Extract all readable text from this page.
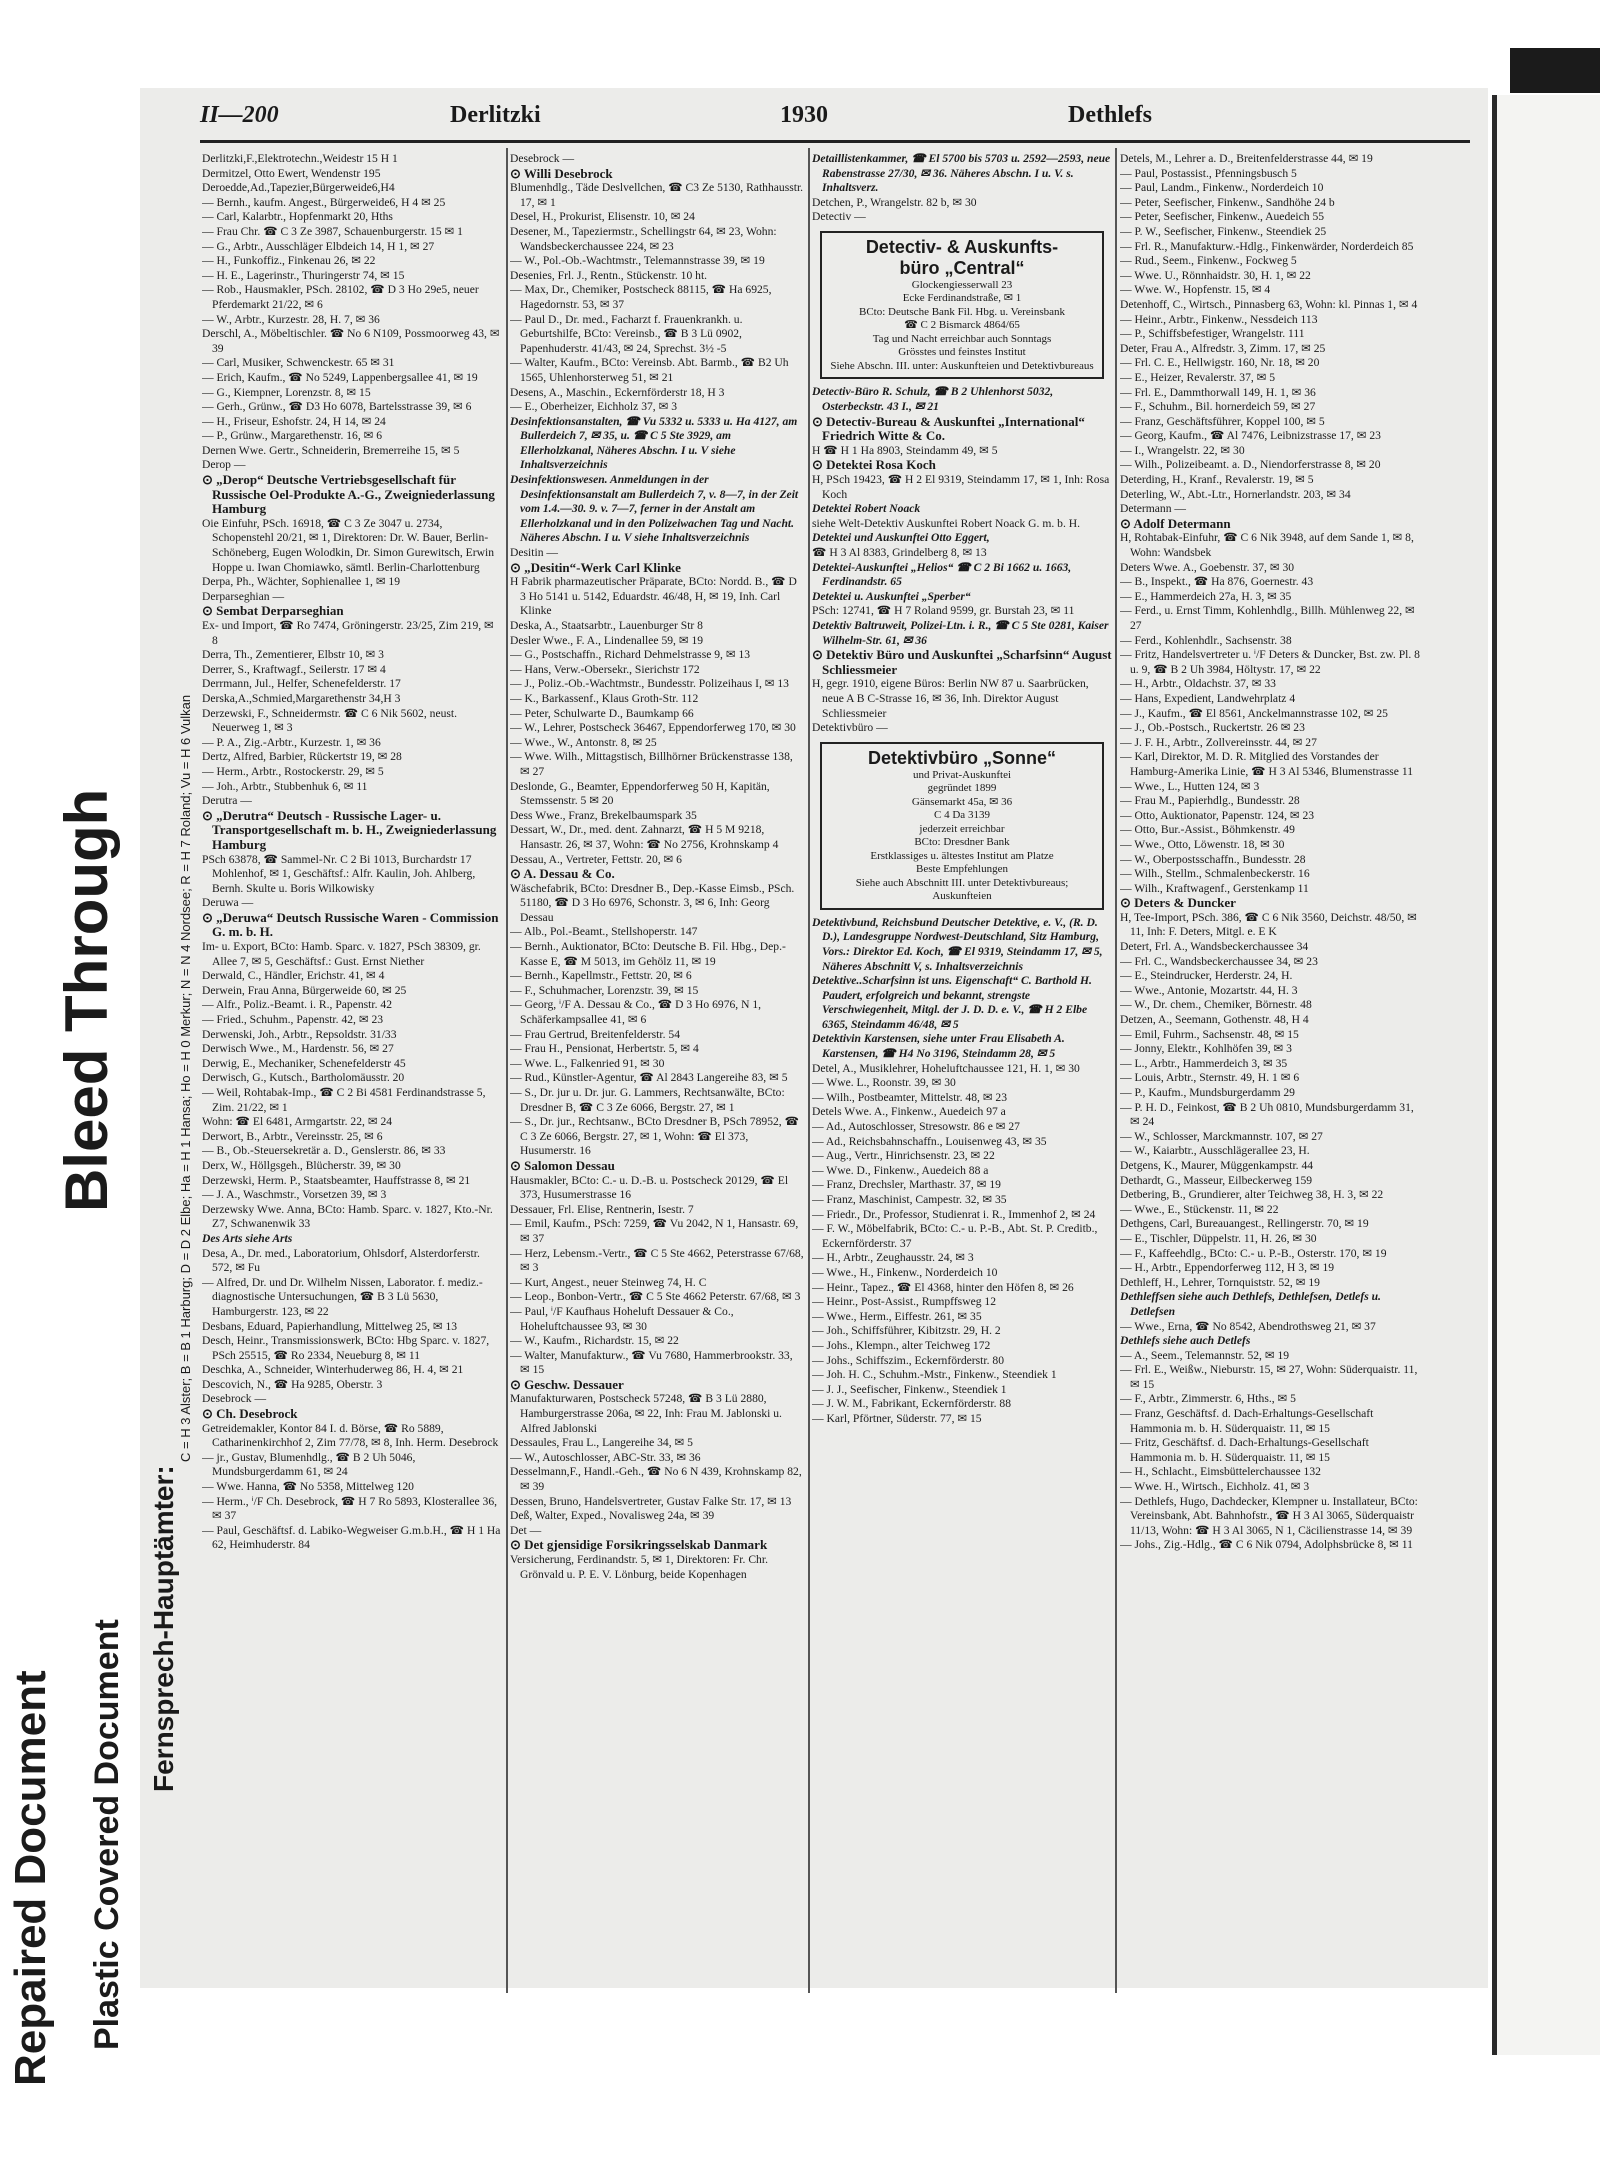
Repaired Document Plastic Covered Document
Bleed Through
Fernsprech-Hauptämter:
C = H 3 Alster; B = B 1 Harburg; D = D 2 Elbe; Ha = H 1 Hansa; Ho = H 0 Merkur; N = N 4 Nordsee; R = H 7 Roland; Vu = H 6 Vulkan
II—200	Derlitzki	1930	Dethlefs

Derlitzki,F.,Elektrotechn.,Weidestr 15 H 1

Dermitzel, Otto Ewert, Wendenstr 195

Deroedde,Ad.,Tapezier,Bürgerweide6,H4

— Bernh., kaufm. Angest., Bürgerweide6, H 4 ✉ 25

— Carl, Kalarbtr., Hopfenmarkt 20, Hths

— Frau Chr. ☎ C 3 Ze 3987, Schauenburgerstr. 15 ✉ 1

— G., Arbtr., Ausschläger Elbdeich 14, H 1, ✉ 27

— H., Funkoffiz., Finkenau 26, ✉ 22

— H. E., Lagerinstr., Thuringerstr 74, ✉ 15

— Rob., Hausmakler, PSch. 28102, ☎ D 3 Ho 29e5, neuer Pferdemarkt 21/22, ✉ 6

— W., Arbtr., Kurzestr. 28, H. 7, ✉ 36

Derschl, A., Möbeltischler. ☎ No 6 N109, Possmoorweg 43, ✉ 39

— Carl, Musiker, Schwenckestr. 65 ✉ 31

— Erich, Kaufm., ☎ No 5249, Lappenbergsallee 41, ✉ 19

— G., Kiempner, Lorenzstr. 8, ✉ 15

— Gerh., Grünw., ☎ D3 Ho 6078, Bartelsstrasse 39, ✉ 6

— H., Friseur, Eshofstr. 24, H 14, ✉ 24

— P., Grünw., Margarethenstr. 16, ✉ 6

Dernen Wwe. Gertr., Schneiderin, Bremerreihe 15, ✉ 5

Derop —

⊙ „Derop“ Deutsche Vertriebsgesellschaft für Russische Oel-Produkte A.-G., Zweigniederlassung Hamburg

Oie Einfuhr, PSch. 16918, ☎ C 3 Ze 3047 u. 2734, Schopenstehl 20/21, ✉ 1, Direktoren: Dr. W. Bauer, Berlin-Schöneberg, Eugen Wolodkin, Dr. Simon Gurewitsch, Erwin Hoppe u. Iwan Chomiawko, sämtl. Berlin-Charlottenburg

Derpa, Ph., Wächter, Sophienallee 1, ✉ 19

Derparseghian —

⊙ Sembat Derparseghian

Ex- und Import, ☎ Ro 7474, Gröningerstr. 23/25, Zim 219, ✉ 8

Derra, Th., Zementierer, Elbstr 10, ✉ 3

Derrer, S., Kraftwagf., Seilerstr. 17 ✉ 4

Derrmann, Jul., Helfer, Schenefelderstr. 17

Derska,A.,Schmied,Margarethenstr 34,H 3

Derzewski, F., Schneidermstr. ☎ C 6 Nik 5602, neust. Neuerweg 1, ✉ 3

— P. A., Zig.-Arbtr., Kurzestr. 1, ✉ 36

Dertz, Alfred, Barbier, Rückertstr 19, ✉ 28

— Herm., Arbtr., Rostockerstr. 29, ✉ 5

— Joh., Arbtr., Stubbenhuk 6, ✉ 11

Derutra —

⊙ „Derutra“ Deutsch - Russische Lager- u. Transportgesellschaft m. b. H., Zweigniederlassung Hamburg

PSch 63878, ☎ Sammel-Nr. C 2 Bi 1013, Burchardstr 17 Mohlenhof, ✉ 1, Geschäftsf.: Alfr. Kaulin, Joh. Ahlberg, Bernh. Skulte u. Boris Wilkowisky

Deruwa —

⊙ „Deruwa“ Deutsch Russische Waren - Commission G. m. b. H.

Im- u. Export, BCto: Hamb. Sparc. v. 1827, PSch 38309, gr. Allee 7, ✉ 5, Geschäftsf.: Gust. Ernst Niether

Derwald, C., Händler, Erichstr. 41, ✉ 4

Derwein, Frau Anna, Bürgerweide 60, ✉ 25

— Alfr., Poliz.-Beamt. i. R., Papenstr. 42

— Fried., Schuhm., Papenstr. 42, ✉ 23

Derwenski, Joh., Arbtr., Repsoldstr. 31/33

Derwisch Wwe., M., Hardenstr. 56, ✉ 27

Derwig, E., Mechaniker, Schenefelderstr 45

Derwisch, G., Kutsch., Bartholomäusstr. 20

— Weil, Rohtabak-Imp., ☎ C 2 Bi 4581 Ferdinandstrasse 5, Zim. 21/22, ✉ 1

Wohn: ☎ El 6481, Armgartstr. 22, ✉ 24

Derwort, B., Arbtr., Vereinsstr. 25, ✉ 6

— B., Ob.-Steuersekretär a. D., Genslerstr. 86, ✉ 33

Derx, W., Höllgsgeh., Blücherstr. 39, ✉ 30

Derzewski, Herm. P., Staatsbeamter, Hauffstrasse 8, ✉ 21

— J. A., Waschmstr., Vorsetzen 39, ✉ 3

Derzewsky Wwe. Anna, BCto: Hamb. Sparc. v. 1827, Kto.-Nr. Z7, Schwanenwik 33

Des Arts siehe Arts

Desa, A., Dr. med., Laboratorium, Ohlsdorf, Alsterdorferstr. 572, ✉ Fu

— Alfred, Dr. und Dr. Wilhelm Nissen, Laborator. f. mediz.-diagnostische Untersuchungen, ☎ B 3 Lü 5630, Hamburgerstr. 123, ✉ 22

Desbans, Eduard, Papierhandlung, Mittelweg 25, ✉ 13

Desch, Heinr., Transmissionswerk, BCto: Hbg Sparc. v. 1827, PSch 25515, ☎ Ro 2334, Neueburg 8, ✉ 11

Deschka, A., Schneider, Winterhuderweg 86, H. 4, ✉ 21

Descovich, N., ☎ Ha 9285, Oberstr. 3

Desebrock —

⊙ Ch. Desebrock

Getreidemakler, Kontor 84 I. d. Börse, ☎ Ro 5889, Catharinenkirchhof 2, Zim 77/78, ✉ 8, Inh. Herm. Desebrock

— jr., Gustav, Blumenhdlg., ☎ B 2 Uh 5046, Mundsburgerdamm 61, ✉ 24

— Wwe. Hanna, ☎ No 5358, Mittelweg 120

— Herm., ⁱ/F Ch. Desebrock, ☎ H 7 Ro 5893, Klosterallee 36, ✉ 37

— Paul, Geschäftsf. d. Labiko-Wegweiser G.m.b.H., ☎ H 1 Ha 62, Heimhuderstr. 84

Desebrock —

⊙ Willi Desebrock

Blumenhdlg., Täde Deslvellchen, ☎ C3 Ze 5130, Rathhausstr. 17, ✉ 1

Desel, H., Prokurist, Elisenstr. 10, ✉ 24

Desener, M., Tapeziermstr., Schellingstr 64, ✉ 23, Wohn: Wandsbeckerchaussee 224, ✉ 23

— W., Pol.-Ob.-Wachtmstr., Telemannstrasse 39, ✉ 19

Desenies, Frl. J., Rentn., Stückenstr. 10 ht.

— Max, Dr., Chemiker, Postscheck 88115, ☎ Ha 6925, Hagedornstr. 53, ✉ 37

— Paul D., Dr. med., Facharzt f. Frauenkrankh. u. Geburtshilfe, BCto: Vereinsb., ☎ B 3 Lü 0902, Papenhuderstr. 41/43, ✉ 24, Sprechst. 3½ -5

— Walter, Kaufm., BCto: Vereinsb. Abt. Barmb., ☎ B2 Uh 1565, Uhlenhorsterweg 51, ✉ 21

Desens, A., Maschin., Eckernförderstr 18, H 3

— E., Oberheizer, Eichholz 37, ✉ 3

Desinfektionsanstalten, ☎ Vu 5332 u. 5333 u. Ha 4127, am Bullerdeich 7, ✉ 35, u. ☎ C 5 Ste 3929, am Ellerholzkanal, Näheres Abschn. I u. V siehe Inhaltsverzeichnis

Desinfektionswesen. Anmeldungen in der Desinfektionsanstalt am Bullerdeich 7, v. 8—7, in der Zeit vom 1.4.—30. 9. v. 7—7, ferner in der Anstalt am Ellerholzkanal und in den Polizeiwachen Tag und Nacht. Näheres Abschn. I u. V siehe Inhaltsverzeichnis

Desitin —

⊙ „Desitin“-Werk Carl Klinke

H Fabrik pharmazeutischer Präparate, BCto: Nordd. B., ☎ D 3 Ho 5141 u. 5142, Eduardstr. 46/48, H, ✉ 19, Inh. Carl Klinke

Deska, A., Staatsarbtr., Lauenburger Str 8

Desler Wwe., F. A., Lindenallee 59, ✉ 19

— G., Postschaffn., Richard Dehmelstrasse 9, ✉ 13

— Hans, Verw.-Obersekr., Sierichstr 172

— J., Poliz.-Ob.-Wachtmstr., Bundesstr. Polizeihaus I, ✉ 13

— K., Barkassenf., Klaus Groth-Str. 112

— Peter, Schulwarte D., Baumkamp 66

— W., Lehrer, Postscheck 36467, Eppendorferweg 170, ✉ 30

— Wwe., W., Antonstr. 8, ✉ 25

— Wwe. Wilh., Mittagstisch, Billhörner Brückenstrasse 138, ✉ 27

Deslonde, G., Beamter, Eppendorferweg 50 H, Kapitän, Stemssenstr. 5 ✉ 20

Dess Wwe., Franz, Brekelbaumspark 35

Dessart, W., Dr., med. dent. Zahnarzt, ☎ H 5 M 9218, Hansastr. 26, ✉ 37, Wohn: ☎ No 2756, Krohnskamp 4

Dessau, A., Vertreter, Fettstr. 20, ✉ 6

⊙ A. Dessau & Co.

Wäschefabrik, BCto: Dresdner B., Dep.-Kasse Eimsb., PSch. 51180, ☎ D 3 Ho 6976, Schonstr. 3, ✉ 6, Inh: Georg Dessau

— Alb., Pol.-Beamt., Stellshoperstr. 147

— Bernh., Auktionator, BCto: Deutsche B. Fil. Hbg., Dep.-Kasse E, ☎ M 5013, im Gehölz 11, ✉ 19

— Bernh., Kapellmstr., Fettstr. 20, ✉ 6

— F., Schuhmacher, Lorenzstr. 39, ✉ 15

— Georg, ⁱ/F A. Dessau & Co., ☎ D 3 Ho 6976, N 1, Schäferkampsallee 41, ✉ 6

— Frau Gertrud, Breitenfelderstr. 54

— Frau H., Pensionat, Herbertstr. 5, ✉ 4

— Wwe. L., Falkenried 91, ✉ 30

— Rud., Künstler-Agentur, ☎ Al 2843 Langereihe 83, ✉ 5

— S., Dr. jur u. Dr. jur. G. Lammers, Rechtsanwälte, BCto: Dresdner B, ☎ C 3 Ze 6066, Bergstr. 27, ✉ 1

— S., Dr. jur., Rechtsanw., BCto Dresdner B, PSch 78952, ☎ C 3 Ze 6066, Bergstr. 27, ✉ 1, Wohn: ☎ El 373, Husumerstr. 16

⊙ Salomon Dessau

Hausmakler, BCto: C.- u. D.-B. u. Postscheck 20129, ☎ El 373, Husumerstrasse 16

Dessauer, Frl. Elise, Rentnerin, Isestr. 7

— Emil, Kaufm., PSch: 7259, ☎ Vu 2042, N 1, Hansastr. 69, ✉ 37

— Herz, Lebensm.-Vertr., ☎ C 5 Ste 4662, Peterstrasse 67/68, ✉ 3

— Kurt, Angest., neuer Steinweg 74, H. C

— Leop., Bonbon-Vertr., ☎ C 5 Ste 4662 Peterstr. 67/68, ✉ 3

— Paul, ⁱ/F Kaufhaus Hoheluft Dessauer & Co., Hoheluftchaussee 93, ✉ 30

— W., Kaufm., Richardstr. 15, ✉ 22

— Walter, Manufakturw., ☎ Vu 7680, Hammerbrookstr. 33, ✉ 15

⊙ Geschw. Dessauer

Manufakturwaren, Postscheck 57248, ☎ B 3 Lü 2880, Hamburgerstrasse 206a, ✉ 22, Inh: Frau M. Jablonski u. Alfred Jablonski

Dessaules, Frau L., Langereihe 34, ✉ 5

— W., Autoschlosser, ABC-Str. 33, ✉ 36

Desselmann,F., Handl.-Geh., ☎ No 6 N 439, Krohnskamp 82, ✉ 39

Dessen, Bruno, Handelsvertreter, Gustav Falke Str. 17, ✉ 13

Deß, Walter, Exped., Novalisweg 24a, ✉ 39

Det —

⊙ Det gjensidige Forsikringsselskab Danmark

Versicherung, Ferdinandstr. 5, ✉ 1, Direktoren: Fr. Chr. Grönvald u. P. E. V. Lönburg, beide Kopenhagen

Detaillistenkammer, ☎ El 5700 bis 5703 u. 2592—2593, neue Rabenstrasse 27/30, ✉ 36. Näheres Abschn. I u. V. s. Inhaltsverz.

Detchen, P., Wrangelstr. 82 b, ✉ 30

Detectiv —

Detectiv- & Auskunfts-
büro „Central“
Glockengiesserwall 23
Ecke Ferdinandstraße, ✉ 1
BCto: Deutsche Bank Fil. Hbg. u. Vereinsbank
☎ C 2 Bismarck 4864/65
Tag und Nacht erreichbar auch Sonntags
Grösstes und feinstes Institut
Siehe Abschn. III. unter: Auskunfteien und Detektivbureaus

Detectiv-Büro R. Schulz, ☎ B 2 Uhlenhorst 5032, Osterbeckstr. 43 I., ✉ 21

⊙ Detectiv-Bureau & Auskunftei „International“ Friedrich Witte & Co.

H ☎ H 1 Ha 8903, Steindamm 49, ✉ 5

⊙ Detektei Rosa Koch

H, PSch 19423, ☎ H 2 El 9319, Steindamm 17, ✉ 1, Inh: Rosa Koch

Detektei Robert Noack

siehe Welt-Detektiv Auskunftei Robert Noack G. m. b. H.

Detektei und Auskunftei Otto Eggert,

☎ H 3 Al 8383, Grindelberg 8, ✉ 13

Detektei-Auskunftei „Helios“ ☎ C 2 Bi 1662 u. 1663, Ferdinandstr. 65

Detektei u. Auskunftei „Sperber“

PSch: 12741, ☎ H 7 Roland 9599, gr. Burstah 23, ✉ 11

Detektiv Baltruweit, Polizei-Ltn. i. R., ☎ C 5 Ste 0281, Kaiser Wilhelm-Str. 61, ✉ 36

⊙ Detektiv Büro und Auskunftei „Scharfsinn“ August Schliessmeier

H, gegr. 1910, eigene Büros: Berlin NW 87 u. Saarbrücken, neue A B C-Strasse 16, ✉ 36, Inh. Direktor August Schliessmeier

Detektivbüro —

Detektivbüro „Sonne“
und Privat-Auskunftei
gegründet 1899
Gänsemarkt 45a, ✉ 36
C 4 Da 3139
jederzeit erreichbar
BCto: Dresdner Bank
Erstklassiges u. ältestes Institut am Platze
Beste Empfehlungen
Siehe auch Abschnitt III. unter Detektivbureaus; Auskunfteien

Detektivbund, Reichsbund Deutscher Detektive, e. V., (R. D. D.), Landesgruppe Nordwest-Deutschland, Sitz Hamburg, Vors.: Direktor Ed. Koch, ☎ El 9319, Steindamm 17, ✉ 5, Näheres Abschnitt V, s. Inhaltsverzeichnis

Detektive..Scharfsinn ist uns. Eigenschaft“ C. Barthold H. Paudert, erfolgreich und bekannt, strengste Verschwiegenheit, Mitgl. der J. D. D. e. V., ☎ H 2 Elbe 6365, Steindamm 46/48, ✉ 5

Detektivin Karstensen, siehe unter Frau Elisabeth A. Karstensen, ☎ H4 No 3196, Steindamm 28, ✉ 5

Detel, A., Musiklehrer, Hoheluftchaussee 121, H. 1, ✉ 30

— Wwe. L., Roonstr. 39, ✉ 30

— Wilh., Postbeamter, Mittelstr. 48, ✉ 23

Detels Wwe. A., Finkenw., Auedeich 97 a

— Ad., Autoschlosser, Stresowstr. 86 e ✉ 27

— Ad., Reichsbahnschaffn., Louisenweg 43, ✉ 35

— Aug., Vertr., Hinrichsenstr. 23, ✉ 22

— Wwe. D., Finkenw., Auedeich 88 a

— Franz, Drechsler, Marthastr. 37, ✉ 19

— Franz, Maschinist, Campestr. 32, ✉ 35

— Friedr., Dr., Professor, Studienrat i. R., Immenhof 2, ✉ 24

— F. W., Möbelfabrik, BCto: C.- u. P.-B., Abt. St. P. Creditb., Eckernförderstr. 37

— H., Arbtr., Zeughausstr. 24, ✉ 3

— Wwe., H., Finkenw., Norderdeich 10

— Heinr., Tapez., ☎ El 4368, hinter den Höfen 8, ✉ 26

— Heinr., Post-Assist., Rumpffsweg 12

— Wwe., Herm., Eiffestr. 261, ✉ 35

— Joh., Schiffsführer, Kibitzstr. 29, H. 2

— Johs., Klempn., alter Teichweg 172

— Johs., Schiffszim., Eckernförderstr. 80

— Joh. H. C., Schuhm.-Mstr., Finkenw., Steendiek 1

— J. J., Seefischer, Finkenw., Steendiek 1

— J. W. M., Fabrikant, Eckernförderstr. 88

— Karl, Pförtner, Süderstr. 77, ✉ 15

Detels, M., Lehrer a. D., Breitenfelderstrasse 44, ✉ 19

— Paul, Postassist., Pfenningsbusch 5

— Paul, Landm., Finkenw., Norderdeich 10

— Peter, Seefischer, Finkenw., Sandhöhe 24 b

— Peter, Seefischer, Finkenw., Auedeich 55

— P. W., Seefischer, Finkenw., Steendiek 25

— Frl. R., Manufakturw.-Hdlg., Finkenwärder, Norderdeich 85

— Rud., Seem., Finkenw., Fockweg 5

— Wwe. U., Rönnhaidstr. 30, H. 1, ✉ 22

— Wwe. W., Hopfenstr. 15, ✉ 4

Detenhoff, C., Wirtsch., Pinnasberg 63, Wohn: kl. Pinnas 1, ✉ 4

— Heinr., Arbtr., Finkenw., Nessdeich 113

— P., Schiffsbefestiger, Wrangelstr. 111

Deter, Frau A., Alfredstr. 3, Zimm. 17, ✉ 25

— Frl. C. E., Hellwigstr. 160, Nr. 18, ✉ 20

— E., Heizer, Revalerstr. 37, ✉ 5

— Frl. E., Dammthorwall 149, H. 1, ✉ 36

— F., Schuhm., Bil. hornerdeich 59, ✉ 27

— Franz, Geschäftsführer, Koppel 100, ✉ 5

— Georg, Kaufm., ☎ Al 7476, Leibnizstrasse 17, ✉ 23

— I., Wrangelstr. 22, ✉ 30

— Wilh., Polizeibeamt. a. D., Niendorferstrasse 8, ✉ 20

Deterding, H., Kranf., Revalerstr. 19, ✉ 5

Deterling, W., Abt.-Ltr., Hornerlandstr. 203, ✉ 34

Determann —

⊙ Adolf Determann

H, Rohtabak-Einfuhr, ☎ C 6 Nik 3948, auf dem Sande 1, ✉ 8, Wohn: Wandsbek

Deters Wwe. A., Goebenstr. 37, ✉ 30

— B., Inspekt., ☎ Ha 876, Goernestr. 43

— E., Hammerdeich 27a, H. 3, ✉ 35

— Ferd., u. Ernst Timm, Kohlenhdlg., Billh. Mühlenweg 22, ✉ 27

— Ferd., Kohlenhdlr., Sachsenstr. 38

— Fritz, Handelsvertreter u. ⁱ/F Deters & Duncker, Bst. zw. Pl. 8 u. 9, ☎ B 2 Uh 3984, Höltystr. 17, ✉ 22

— H., Arbtr., Oldachstr. 37, ✉ 33

— Hans, Expedient, Landwehrplatz 4

— J., Kaufm., ☎ El 8561, Anckelmannstrasse 102, ✉ 25

— J., Ob.-Postsch., Ruckertstr. 26 ✉ 23

— J. F. H., Arbtr., Zollvereinsstr. 44, ✉ 27

— Karl, Direktor, M. D. R. Mitglied des Vorstandes der Hamburg-Amerika Linie, ☎ H 3 Al 5346, Blumenstrasse 11

— Wwe., L., Hutten 124, ✉ 3

— Frau M., Papierhdlg., Bundesstr. 28

— Otto, Auktionator, Papenstr. 124, ✉ 23

— Otto, Bur.-Assist., Böhmkenstr. 49

— Wwe., Otto, Löwenstr. 18, ✉ 30

— W., Oberpostsschaffn., Bundesstr. 28

— Wilh., Stellm., Schmalenbeckerstr. 16

— Wilh., Kraftwagenf., Gerstenkamp 11

⊙ Deters & Duncker

H, Tee-Import, PSch. 386, ☎ C 6 Nik 3560, Deichstr. 48/50, ✉ 11, Inh: F. Deters, Mitgl. e. E K

Detert, Frl. A., Wandsbeckerchaussee 34

— Frl. C., Wandsbeckerchaussee 34, ✉ 23

— E., Steindrucker, Herderstr. 24, H.

— Wwe., Antonie, Mozartstr. 44, H. 3

— W., Dr. chem., Chemiker, Börnestr. 48

Detzen, A., Seemann, Gothenstr. 48, H 4

— Emil, Fuhrm., Sachsenstr. 48, ✉ 15

— Jonny, Elektr., Kohlhöfen 39, ✉ 3

— L., Arbtr., Hammerdeich 3, ✉ 35

— Louis, Arbtr., Sternstr. 49, H. 1 ✉ 6

— P., Kaufm., Mundsburgerdamm 29

— P. H. D., Feinkost, ☎ B 2 Uh 0810, Mundsburgerdamm 31, ✉ 24

— W., Schlosser, Marckmannstr. 107, ✉ 27

— W., Kaiarbtr., Ausschlägerallee 23, H.

Detgens, K., Maurer, Müggenkampstr. 44

Dethardt, G., Masseur, Eilbeckerweg 159

Detbering, B., Grundierer, alter Teichweg 38, H. 3, ✉ 22

— Wwe., E., Stückenstr. 11, ✉ 22

Dethgens, Carl, Bureauangest., Rellingerstr. 70, ✉ 19

— E., Tischler, Düppelstr. 11, H. 26, ✉ 30

— F., Kaffeehdlg., BCto: C.- u. P.-B., Osterstr. 170, ✉ 19

— H., Arbtr., Eppendorferweg 112, H 3, ✉ 19

Dethleff, H., Lehrer, Tornquiststr. 52, ✉ 19

Dethleffsen siehe auch Dethlefs, Dethlefsen, Detlefs u. Detlefsen

— Wwe., Erna, ☎ No 8542, Abendrothsweg 21, ✉ 37

Dethlefs siehe auch Detlefs

— A., Seem., Telemannstr. 52, ✉ 19

— Frl. E., Weißw., Nieburstr. 15, ✉ 27, Wohn: Süderquaistr. 11, ✉ 15

— F., Arbtr., Zimmerstr. 6, Hths., ✉ 5

— Franz, Geschäftsf. d. Dach-Erhaltungs-Gesellschaft Hammonia m. b. H. Süderquaistr. 11, ✉ 15

— Fritz, Geschäftsf. d. Dach-Erhaltungs-Gesellschaft Hammonia m. b. H. Süderquaistr. 11, ✉ 15

— H., Schlacht., Eimsbüttelerchaussee 132

— Wwe. H., Wirtsch., Eichholz. 41, ✉ 3

— Dethlefs, Hugo, Dachdecker, Klempner u. Installateur, BCto: Vereinsbank, Abt. Bahnhofstr., ☎ H 3 Al 3065, Süderquaistr 11/13, Wohn: ☎ H 3 Al 3065, N 1, Cäcilienstrasse 14, ✉ 39

— Johs., Zig.-Hdlg., ☎ C 6 Nik 0794, Adolphsbrücke 8, ✉ 11
